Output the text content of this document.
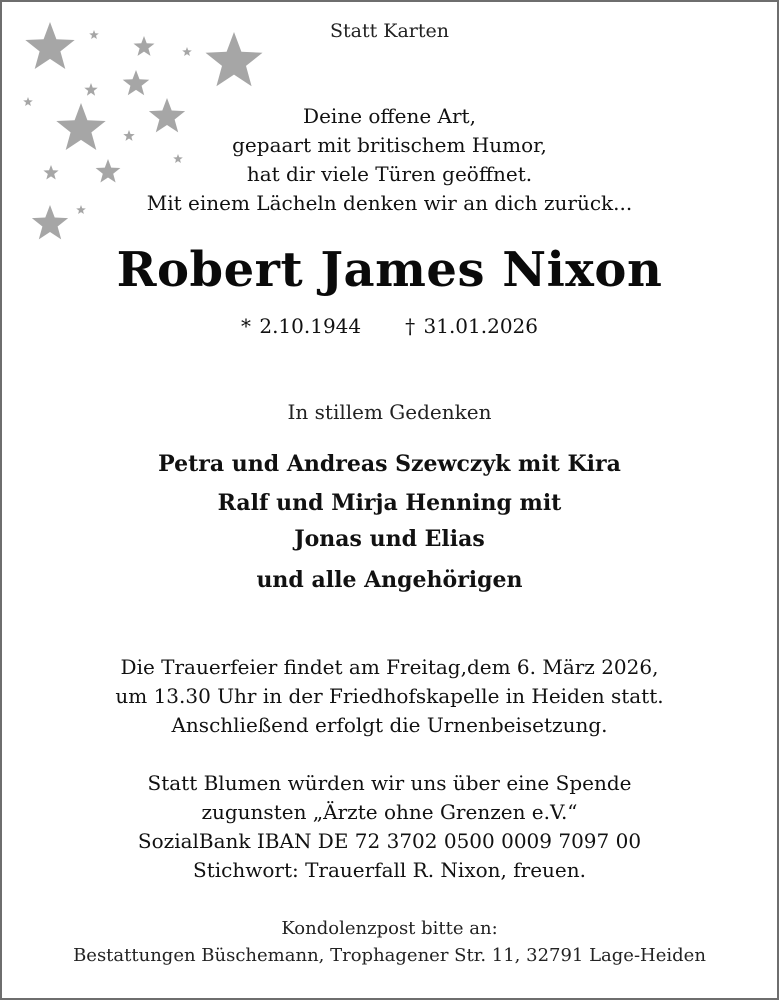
Statt Karten
Deine offene Art,
gepaart mit britischem Humor,
hat dir viele Türen geöffnet.
Mit einem Lächeln denken wir an dich zurück...
Robert James Nixon
* 2.10.1944 † 31.01.2026
In stillem Gedenken
Petra und Andreas Szewczyk mit Kira
Ralf und Mirja Henning mit
Jonas und Elias
und alle Angehörigen
Die Trauerfeier findet am Freitag,dem 6. März 2026,
um 13.30 Uhr in der Friedhofskapelle in Heiden statt.
Anschließend erfolgt die Urnenbeisetzung.
Statt Blumen würden wir uns über eine Spende
zugunsten „Ärzte ohne Grenzen e.V.“
SozialBank IBAN DE 72 3702 0500 0009 7097 00
Stichwort: Trauerfall R. Nixon, freuen.
Kondolenzpost bitte an:
Bestattungen Büschemann, Trophagener Str. 11, 32791 Lage-Heiden
